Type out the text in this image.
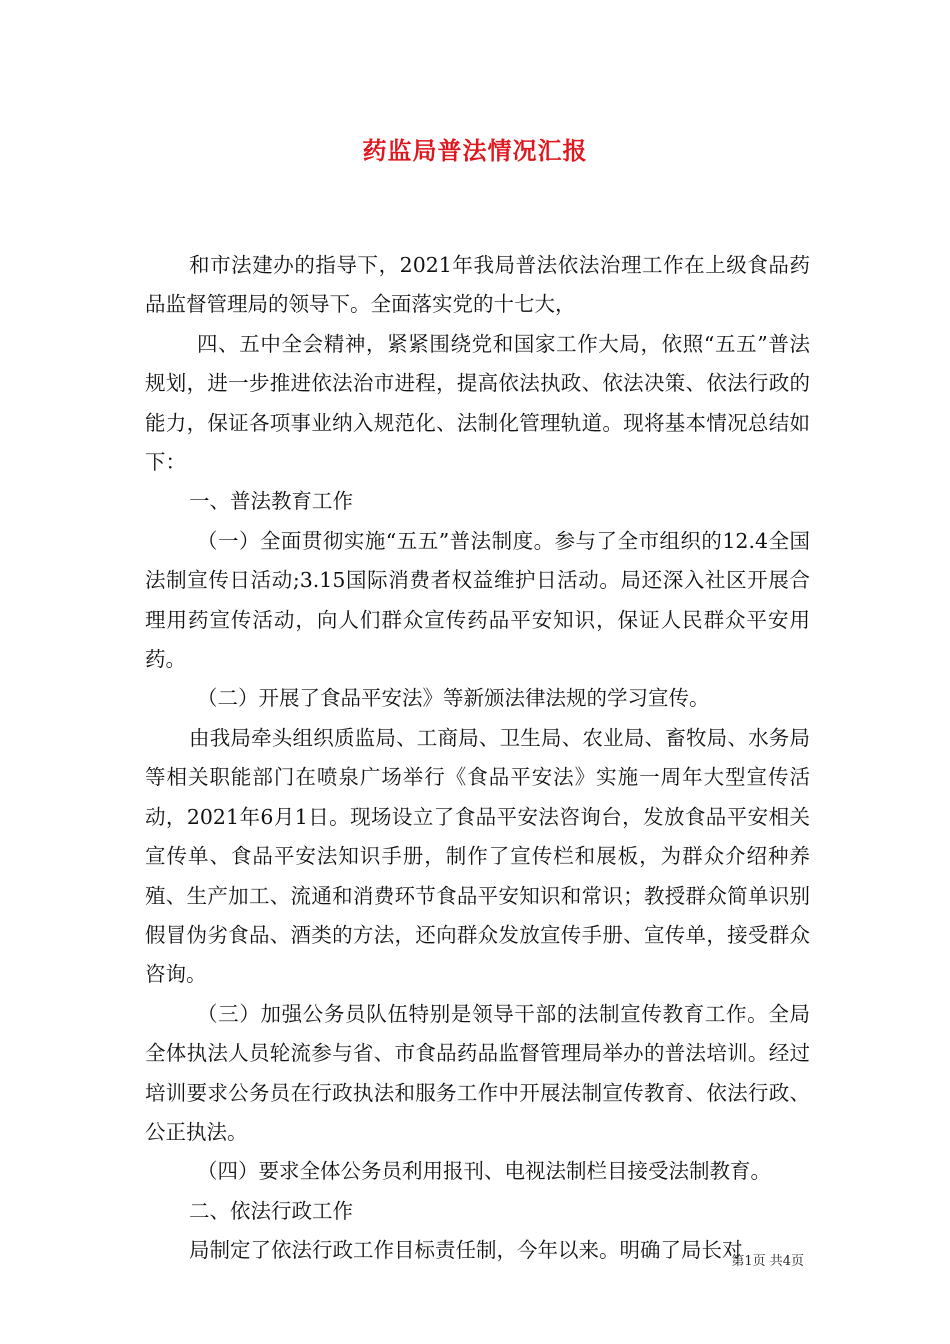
药监局普法情况汇报

和市法建办的指导下，2021年我局普法依法治理工作在上级食品药品监督管理局的领导下。全面落实党的十七大，

四、五中全会精神，紧紧围绕党和国家工作大局，依照“五五”普法规划，进一步推进依法治市进程，提高依法执政、依法决策、依法行政的能力，保证各项事业纳入规范化、法制化管理轨道。现将基本情况总结如下：

一、普法教育工作

（一）全面贯彻实施“五五”普法制度。参与了全市组织的12.4全国法制宣传日活动;3.15国际消费者权益维护日活动。局还深入社区开展合理用药宣传活动，向人们群众宣传药品平安知识，保证人民群众平安用药。

（二）开展了食品平安法》等新颁法律法规的学习宣传。

由我局牵头组织质监局、工商局、卫生局、农业局、畜牧局、水务局等相关职能部门在喷泉广场举行《食品平安法》实施一周年大型宣传活动，2021年6月1日。现场设立了食品平安法咨询台，发放食品平安相关宣传单、食品平安法知识手册，制作了宣传栏和展板，为群众介绍种养殖、生产加工、流通和消费环节食品平安知识和常识；教授群众简单识别假冒伪劣食品、酒类的方法，还向群众发放宣传手册、宣传单，接受群众咨询。

（三）加强公务员队伍特别是领导干部的法制宣传教育工作。全局全体执法人员轮流参与省、市食品药品监督管理局举办的普法培训。经过培训要求公务员在行政执法和服务工作中开展法制宣传教育、依法行政、公正执法。

（四）要求全体公务员利用报刊、电视法制栏目接受法制教育。

二、依法行政工作

局制定了依法行政工作目标责任制，今年以来。明确了局长对

第1页 共4页
